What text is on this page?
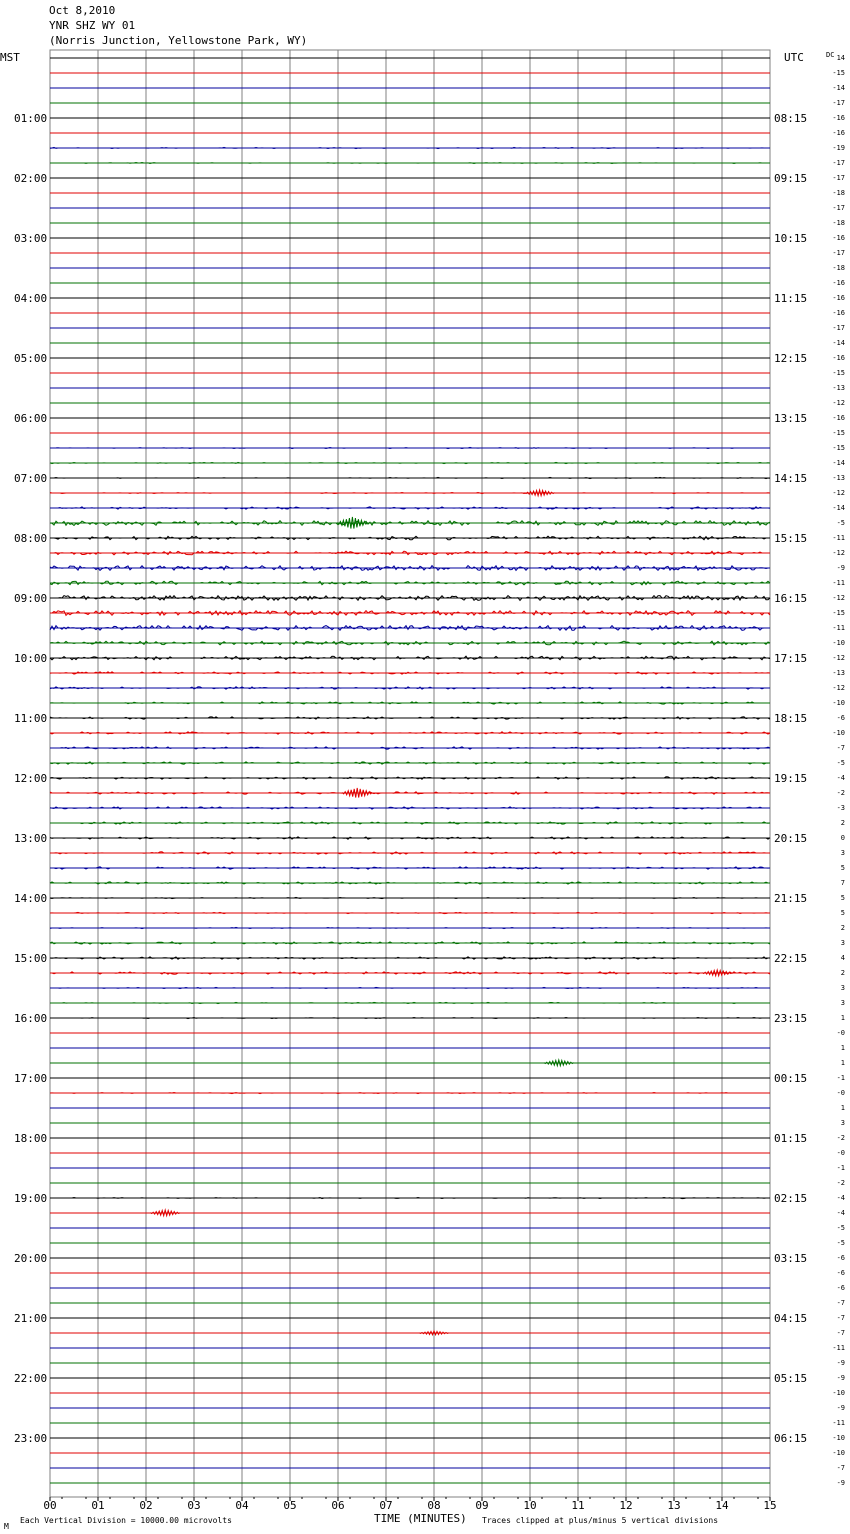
Oct 8,2010
YNR SHZ WY 01
(Norris Junction, Yellowstone Park, WY)
00	01	02	03	04	05	06	07	08	09	10	11	12	13	14	15
MST	UTC	DC
01:00
02:00
03:00
04:00
05:00
06:00
07:00
08:00
09:00
10:00
11:00
12:00
13:00
14:00
15:00
16:00
17:00
18:00
19:00
20:00
21:00
22:00
23:00
08:15
09:15
10:15
11:15
12:15
13:15
14:15
15:15
16:15
17:15
18:15
19:15
20:15
21:15
22:15
23:15
00:15
01:15
02:15
03:15
04:15
05:15
06:15
14
-15
-14
-17
-16
-16
-19
-17
-17
-18
-17
-18
-16
-17
-18
-16
-16
-16
-17
-14
-16
-15
-13
-12
-16
-15
-15
-14
-13
-12
-14
-5
-11
-12
-9
-11
-12
-15
-11
-10
-12
-13
-12
-10
-6
-10
-7
-5
-4
-2
-3
2
0
3
5
7
5
5
2
3
4
2
3
3
1
-0
1
1
-1
-0
1
3
-2
-0
-1
-2
-4
-4
-5
-5
-6
-6
-6
-7
-7
-7
-11
-9
-9
-10
-9
-11
-10
-10
-7
-9
M
Each Vertical Division = 10000.00 microvolts	TIME (MINUTES) Traces clipped at plus/minus 5 vertical divisions
